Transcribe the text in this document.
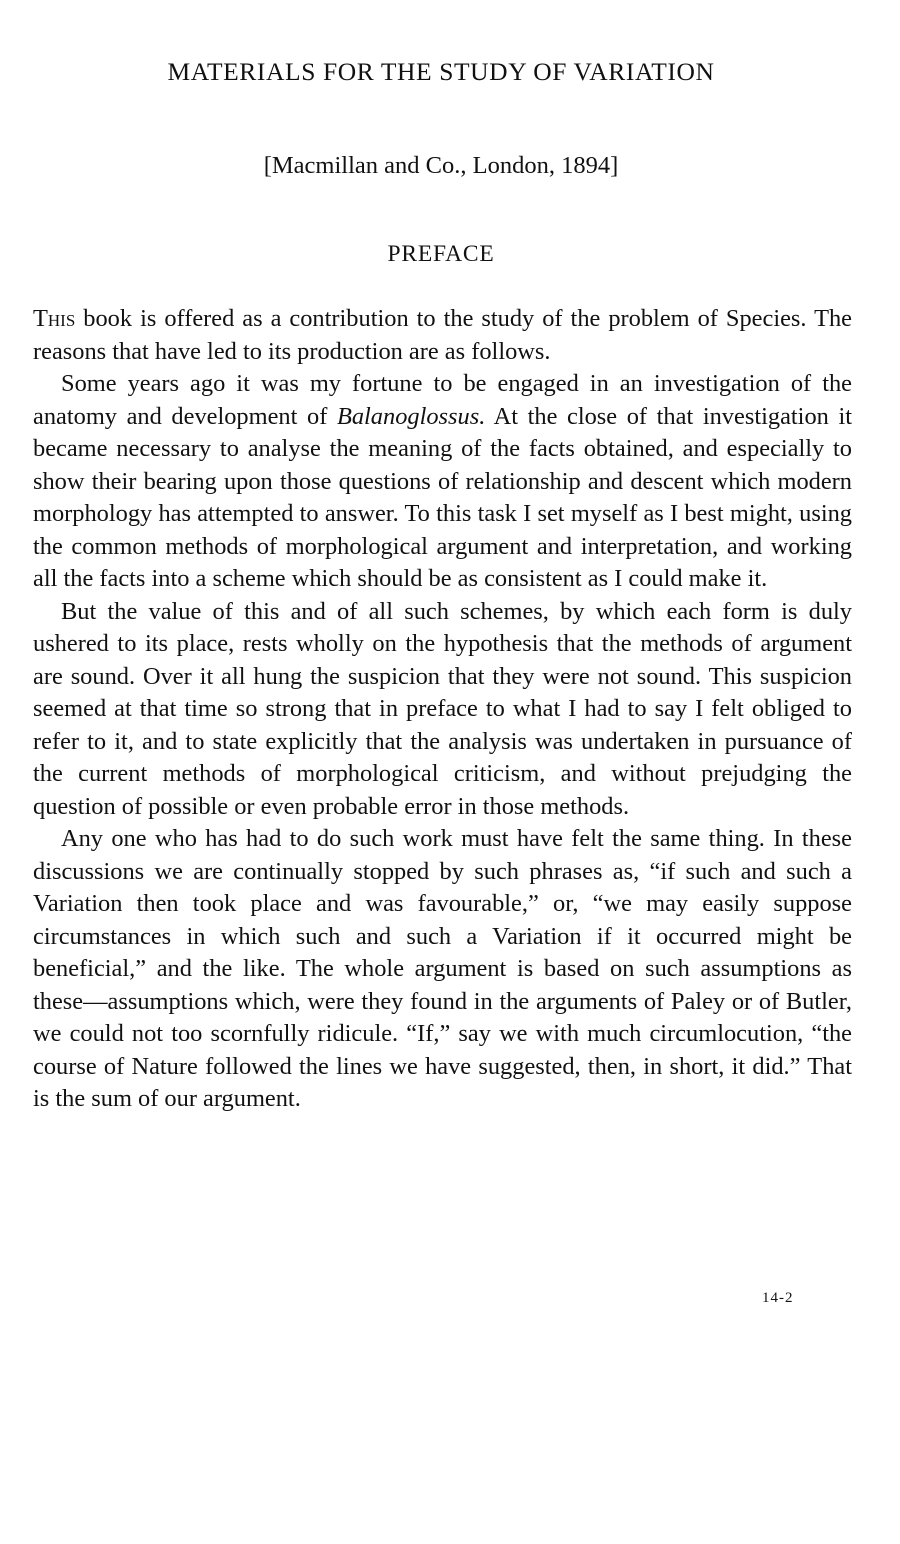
MATERIALS FOR THE STUDY OF VARIATION
[Macmillan and Co., London, 1894]
PREFACE

This book is offered as a contribution to the study of the problem of Species. The reasons that have led to its production are as follows.

Some years ago it was my fortune to be engaged in an investigation of the anatomy and development of Balanoglossus. At the close of that investigation it became necessary to analyse the meaning of the facts obtained, and especially to show their bearing upon those questions of relationship and descent which modern morphology has attempted to answer. To this task I set myself as I best might, using the common methods of morphological argument and interpretation, and working all the facts into a scheme which should be as consistent as I could make it.

But the value of this and of all such schemes, by which each form is duly ushered to its place, rests wholly on the hypothesis that the methods of argument are sound. Over it all hung the suspicion that they were not sound. This suspicion seemed at that time so strong that in preface to what I had to say I felt obliged to refer to it, and to state explicitly that the analysis was undertaken in pursuance of the current methods of morphological criticism, and without prejudging the question of possible or even probable error in those methods.

Any one who has had to do such work must have felt the same thing. In these discussions we are continually stopped by such phrases as, “if such and such a Variation then took place and was favourable,” or, “we may easily suppose circumstances in which such and such a Variation if it occurred might be beneficial,” and the like. The whole argument is based on such assumptions as these—assumptions which, were they found in the arguments of Paley or of Butler, we could not too scornfully ridicule. “If,” say we with much circumlocution, “the course of Nature followed the lines we have suggested, then, in short, it did.” That is the sum of our argument.

14-2
